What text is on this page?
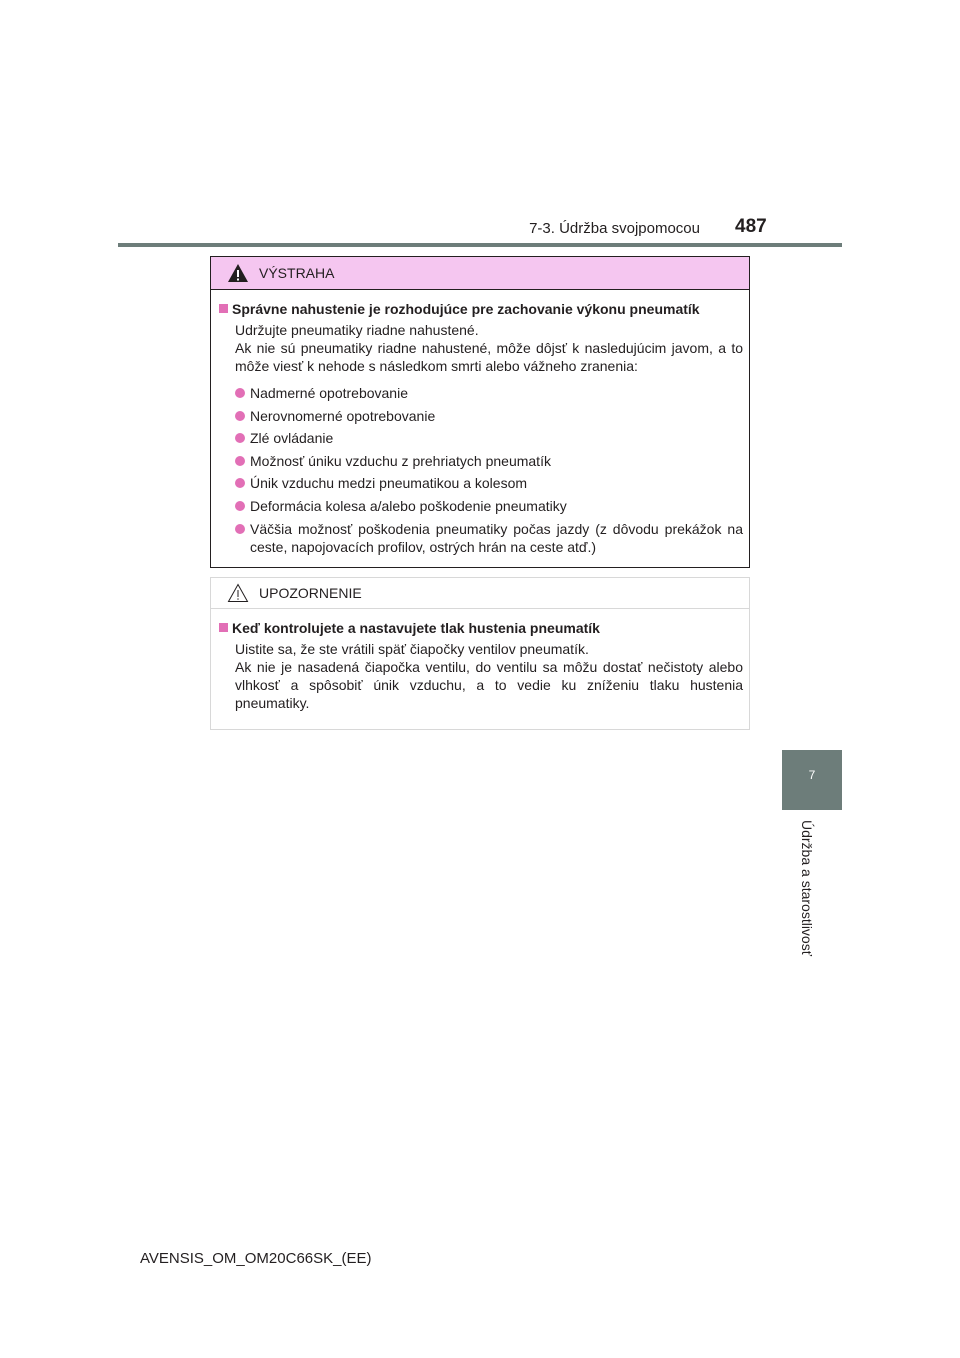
7-3. Údržba svojpomocou 487
7
Údržba a starostlivosť
VÝSTRAHA
Správne nahustenie je rozhodujúce pre zachovanie výkonu pneumatík
Udržujte pneumatiky riadne nahustené.
Ak nie sú pneumatiky riadne nahustené, môže dôjsť k nasledujúcim javom, a to môže viesť k nehode s následkom smrti alebo vážneho zranenia:
Nadmerné opotrebovanie
Nerovnomerné opotrebovanie
Zlé ovládanie
Možnosť úniku vzduchu z prehriatych pneumatík
Únik vzduchu medzi pneumatikou a kolesom
Deformácia kolesa a/alebo poškodenie pneumatiky
Väčšia možnosť poškodenia pneumatiky počas jazdy (z dôvodu prekážok na ceste, napojovacích profilov, ostrých hrán na ceste atď.)
UPOZORNENIE
Keď kontrolujete a nastavujete tlak hustenia pneumatík
Uistite sa, že ste vrátili späť čiapočky ventilov pneumatík.
Ak nie je nasadená čiapočka ventilu, do ventilu sa môžu dostať nečistoty alebo vlhkosť a spôsobiť únik vzduchu, a to vedie ku zníženiu tlaku hustenia pneumatiky.
AVENSIS_OM_OM20C66SK_(EE)
